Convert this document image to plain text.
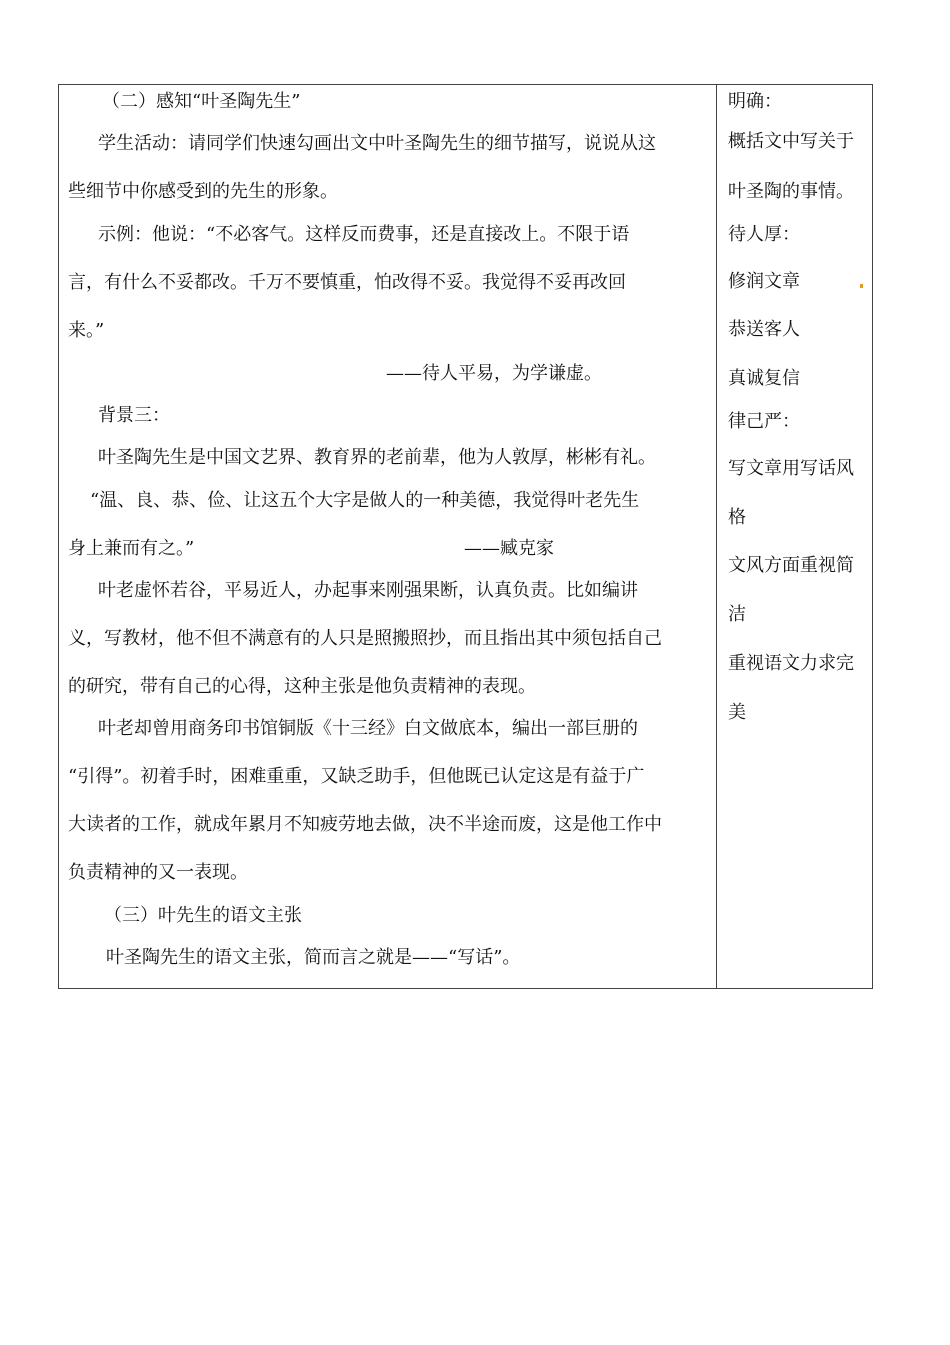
（二）感知“叶圣陶先生”
学生活动：请同学们快速勾画出文中叶圣陶先生的细节描写，说说从这
些细节中你感受到的先生的形象。
示例：他说：“不必客气。这样反而费事，还是直接改上。不限于语
言，有什么不妥都改。千万不要慎重，怕改得不妥。我觉得不妥再改回
来。”
——待人平易，为学谦虚。
背景三：
叶圣陶先生是中国文艺界、教育界的老前辈，他为人敦厚，彬彬有礼。
“温、良、恭、俭、让这五个大字是做人的一种美德，我觉得叶老先生
身上兼而有之。”	——臧克家
叶老虚怀若谷，平易近人，办起事来刚强果断，认真负责。比如编讲
义，写教材，他不但不满意有的人只是照搬照抄，而且指出其中须包括自己
的研究，带有自己的心得，这种主张是他负责精神的表现。
叶老却曾用商务印书馆铜版《十三经》白文做底本，编出一部巨册的
“引得”。初着手时，困难重重，又缺乏助手，但他既已认定这是有益于广
大读者的工作，就成年累月不知疲劳地去做，决不半途而废，这是他工作中
负责精神的又一表现。
（三）叶先生的语文主张
叶圣陶先生的语文主张，简而言之就是——“写话”。
明确：
概括文中写关于
叶圣陶的事情。
待人厚：
修润文章
恭送客人
真诚复信
律己严：
写文章用写话风
格
文风方面重视简
洁
重视语文力求完
美
